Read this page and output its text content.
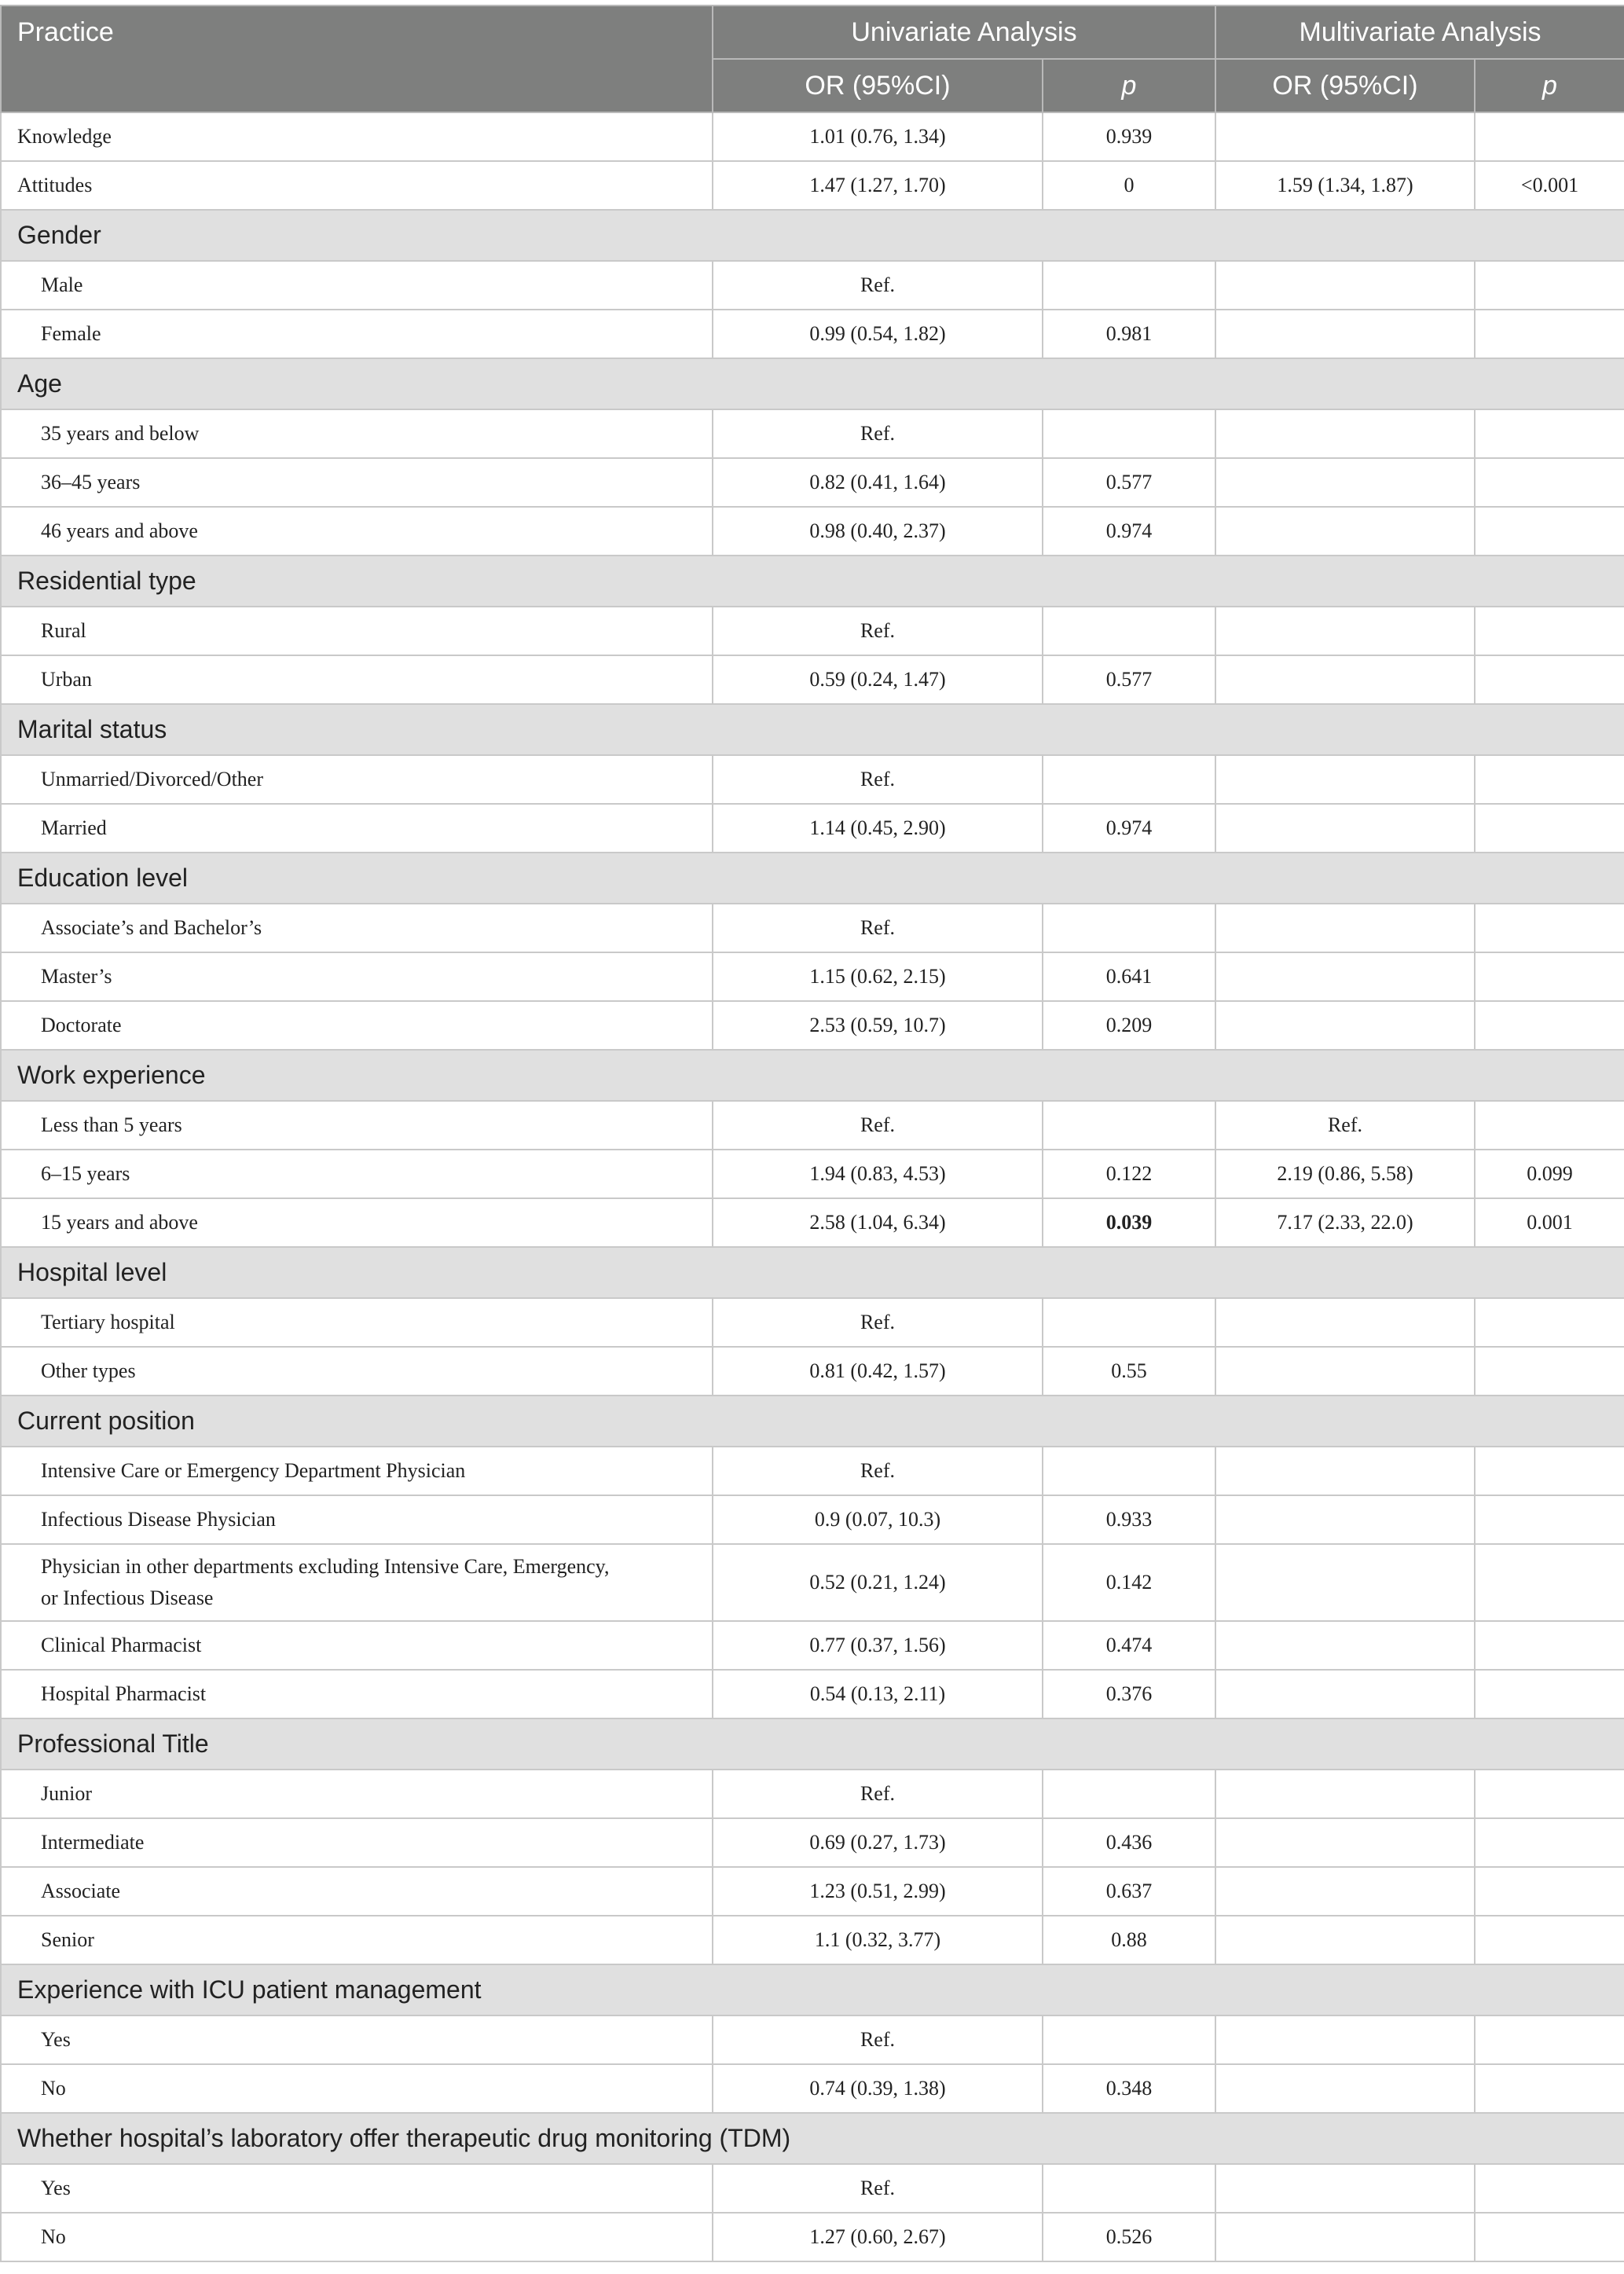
Practice	Univariate Analysis		Multivariate Analysis	
	OR (95%CI)	p	OR (95%CI)	p
Knowledge	1.01 (0.76, 1.34)	0.939		
Attitudes	1.47 (1.27, 1.70)	0	1.59 (1.34, 1.87)	<0.001
Gender				
Male	Ref.			
Female	0.99 (0.54, 1.82)	0.981		
Age				
35 years and below	Ref.			
36–45 years	0.82 (0.41, 1.64)	0.577		
46 years and above	0.98 (0.40, 2.37)	0.974		
Residential type				
Rural	Ref.			
Urban	0.59 (0.24, 1.47)	0.577		
Marital status				
Unmarried/Divorced/Other	Ref.			
Married	1.14 (0.45, 2.90)	0.974		
Education level				
Associate’s and Bachelor’s	Ref.			
Master’s	1.15 (0.62, 2.15)	0.641		
Doctorate	2.53 (0.59, 10.7)	0.209		
Work experience				
Less than 5 years	Ref.		Ref.	
6–15 years	1.94 (0.83, 4.53)	0.122	2.19 (0.86, 5.58)	0.099
15 years and above	2.58 (1.04, 6.34)	0.039	7.17 (2.33, 22.0)	0.001
Hospital level				
Tertiary hospital	Ref.			
Other types	0.81 (0.42, 1.57)	0.55		
Current position				
Intensive Care or Emergency Department Physician	Ref.			
Infectious Disease Physician	0.9 (0.07, 10.3)	0.933		
Physician in other departments excluding Intensive Care, Emergency,
or Infectious Disease	0.52 (0.21, 1.24)	0.142		
Clinical Pharmacist	0.77 (0.37, 1.56)	0.474		
Hospital Pharmacist	0.54 (0.13, 2.11)	0.376		
Professional Title				
Junior	Ref.			
Intermediate	0.69 (0.27, 1.73)	0.436		
Associate	1.23 (0.51, 2.99)	0.637		
Senior	1.1 (0.32, 3.77)	0.88		
Experience with ICU patient management				
Yes	Ref.			
No	0.74 (0.39, 1.38)	0.348		
Whether hospital’s laboratory offer therapeutic drug monitoring (TDM)				
Yes	Ref.			
No	1.27 (0.60, 2.67)	0.526		
